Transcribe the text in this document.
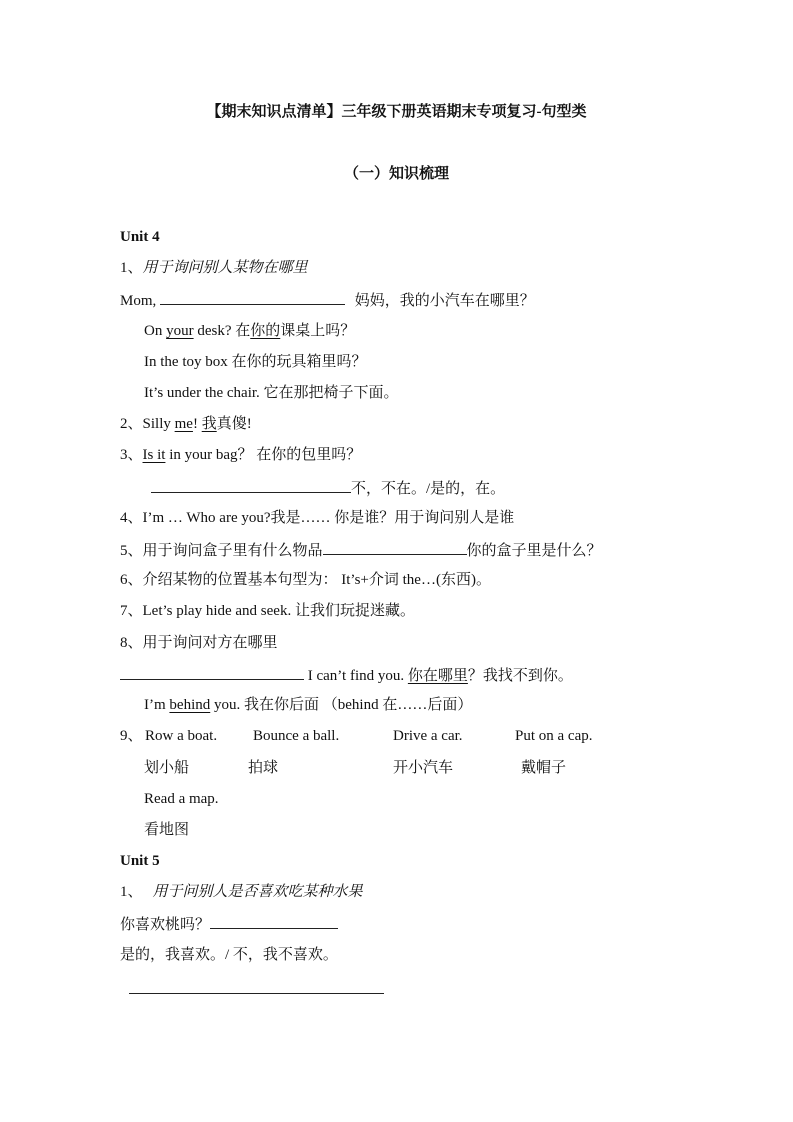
【期末知识点清单】三年级下册英语期末专项复习-句型类
（一）知识梳理
Unit 4
1、用于询问别人某物在哪里
Mom,	妈妈，我的小汽车在哪里？
On your desk? 在你的课桌上吗？
In the toy box 在你的玩具箱里吗？
It’s under the chair. 它在那把椅子下面。
2、Silly me! 我真傻!
3、Is it in your bag？ 在你的包里吗？
不，不在。/是的，在。
4、I’m … Who are you?我是…… 你是谁？用于询问别人是谁
5、用于询问盒子里有什么物品	你的盒子里是什么？
6、介绍某物的位置基本句型为： It’s+介词 the…(东西)。
7、Let’s play hide and seek. 让我们玩捉迷藏。
8、用于询问对方在哪里
I can’t find you. 你在哪里？我找不到你。
I’m behind you. 我在你后面 （behind 在……后面）
9、 Row a boat. Bounce a ball.	Drive a car.	Put on a cap.
划小船	拍球	开小汽车	戴帽子
Read a map.
看地图
Unit 5
1、 用于问别人是否喜欢吃某种水果
你喜欢桃吗？
是的，我喜欢。/ 不，我不喜欢。
